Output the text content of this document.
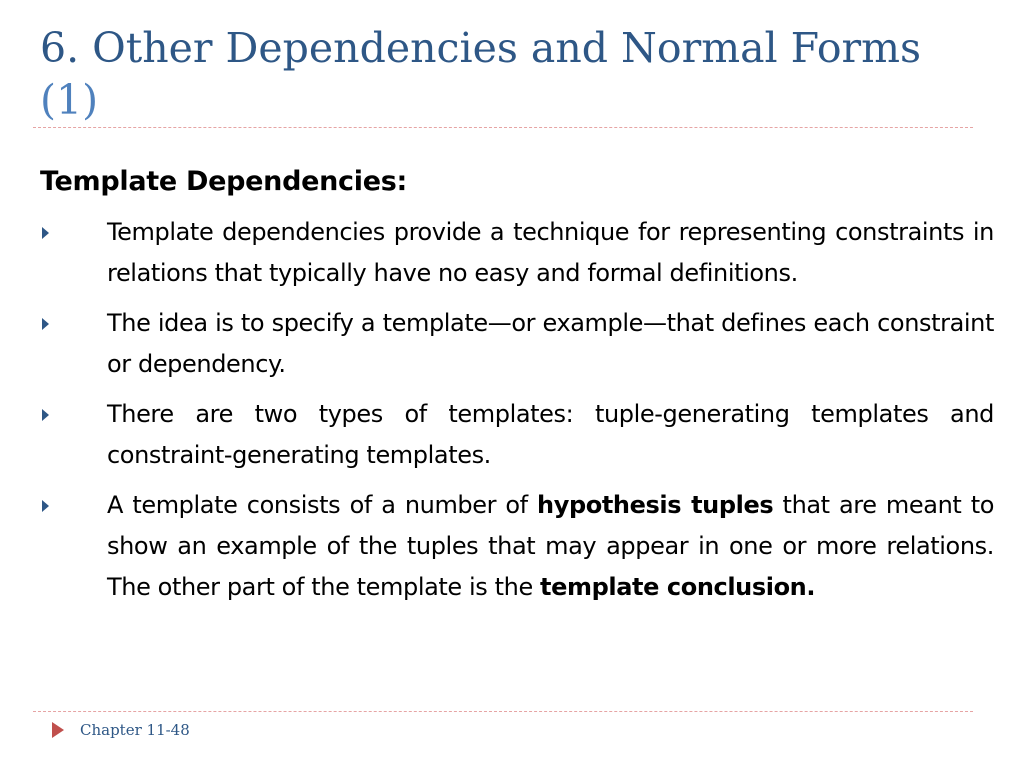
6. Other Dependencies and Normal Forms
(1)
Template Dependencies:
Template dependencies provide a technique for representing constraints in relations that typically have no easy and formal definitions.
The idea is to specify a template—or example—that defines each constraint or dependency.
There are two types of templates: tuple-generating templates and constraint-generating templates.
A template consists of a number of hypothesis tuples that are meant to show an example of the tuples that may appear in one or more relations. The other part of the template is the template conclusion.
Chapter 11-48
